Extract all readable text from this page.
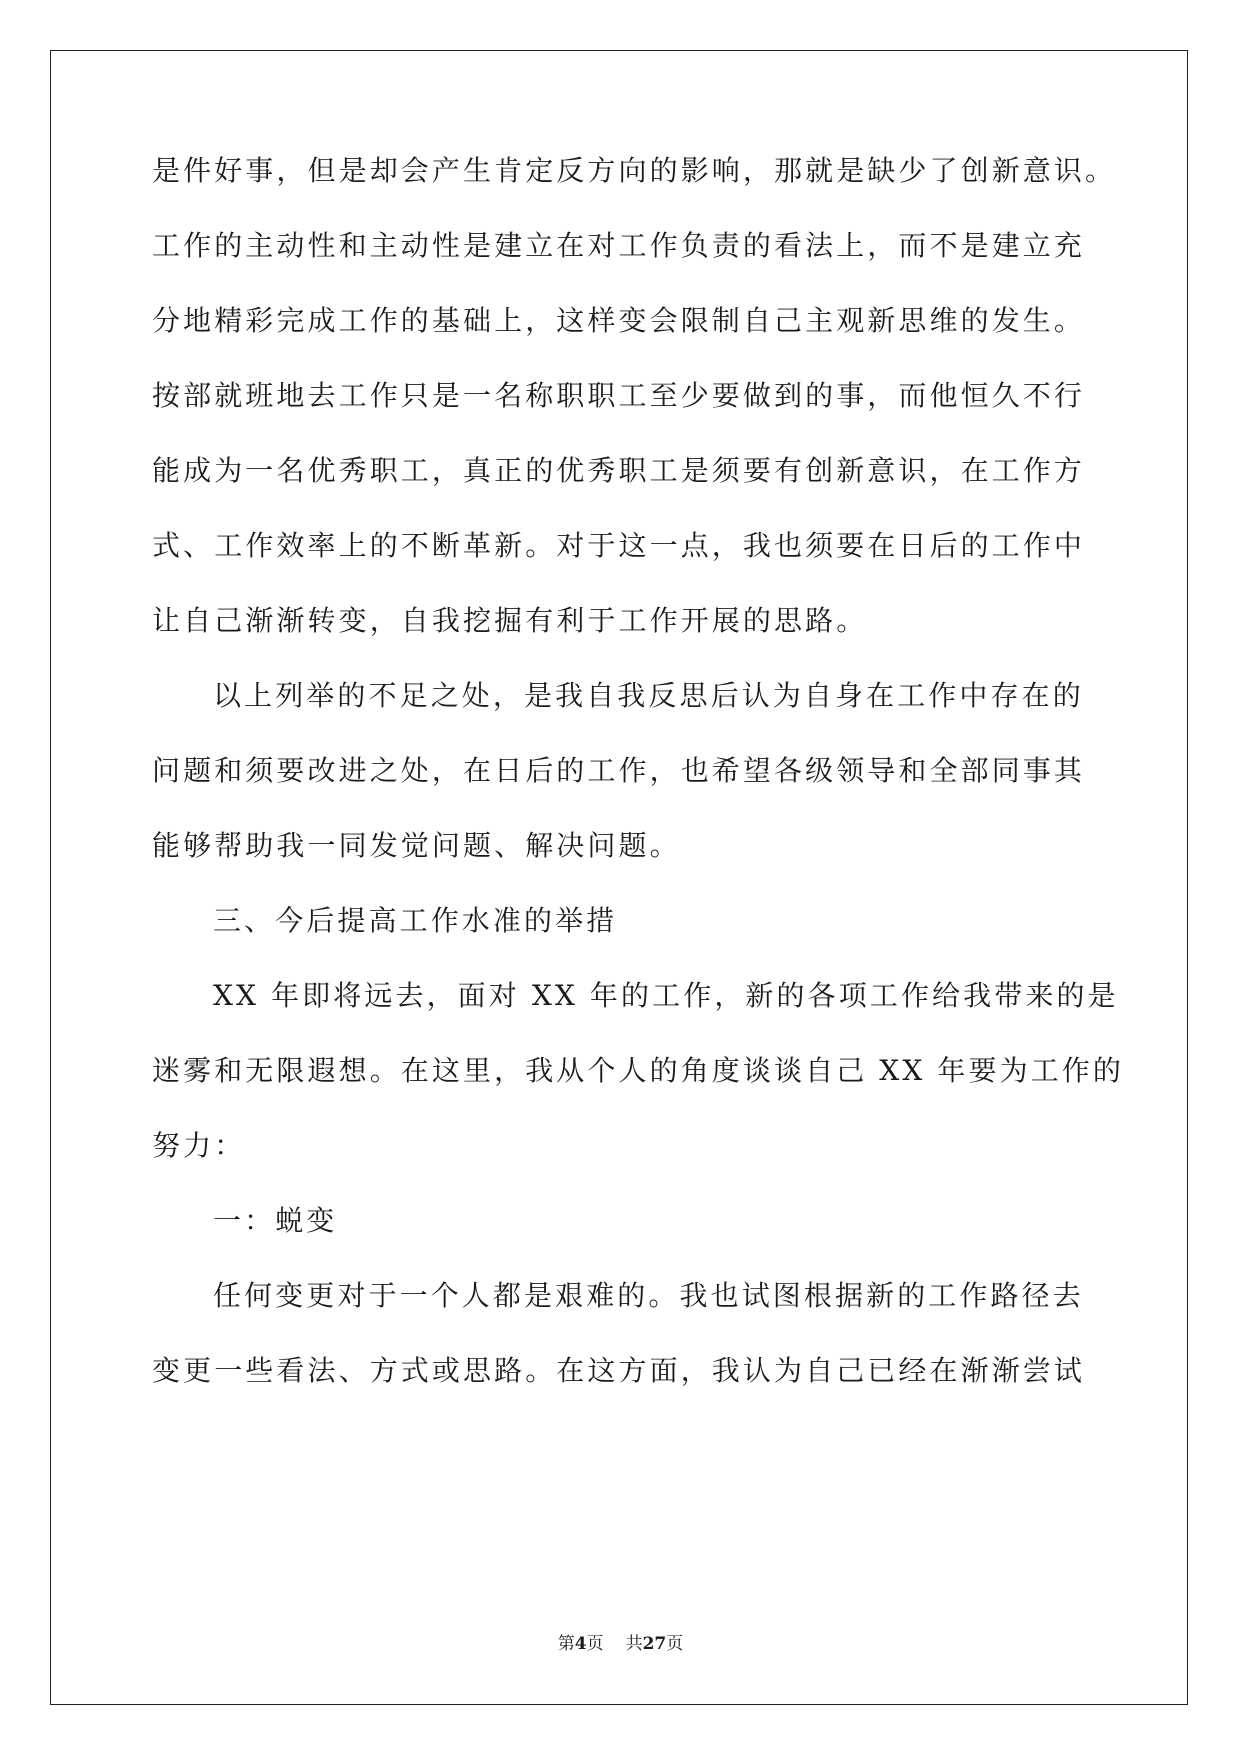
是件好事，但是却会产生肯定反方向的影响，那就是缺少了创新意识。
工作的主动性和主动性是建立在对工作负责的看法上，而不是建立充
分地精彩完成工作的基础上，这样变会限制自己主观新思维的发生。
按部就班地去工作只是一名称职职工至少要做到的事，而他恒久不行
能成为一名优秀职工，真正的优秀职工是须要有创新意识，在工作方
式、工作效率上的不断革新。对于这一点，我也须要在日后的工作中
让自己渐渐转变，自我挖掘有利于工作开展的思路。
以上列举的不足之处，是我自我反思后认为自身在工作中存在的
问题和须要改进之处，在日后的工作，也希望各级领导和全部同事其
能够帮助我一同发觉问题、解决问题。
三、今后提高工作水准的举措
XX 年即将远去，面对 XX 年的工作，新的各项工作给我带来的是
迷雾和无限遐想。在这里，我从个人的角度谈谈自己 XX 年要为工作的
努力：
一：蜕变
任何变更对于一个人都是艰难的。我也试图根据新的工作路径去
变更一些看法、方式或思路。在这方面，我认为自己已经在渐渐尝试
第4页 共27页
